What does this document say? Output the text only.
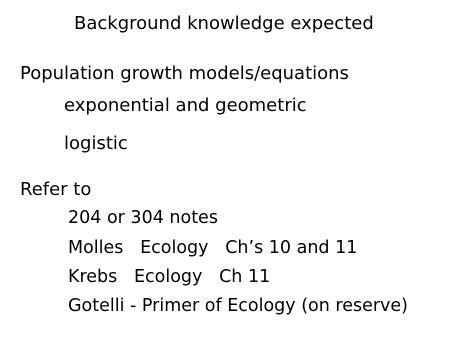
Background knowledge expected
Population growth models/equations
exponential and geometric
logistic
Refer to
204 or 304 notes
Molles   Ecology   Ch’s 10 and 11
Krebs   Ecology   Ch 11
Gotelli - Primer of Ecology (on reserve)
